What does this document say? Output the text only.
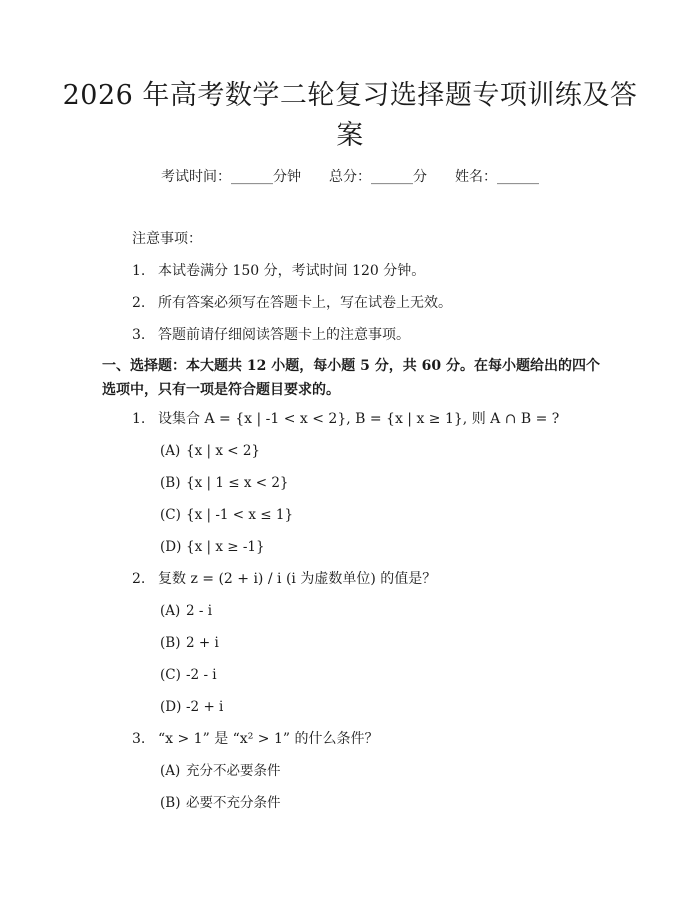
2026 年高考数学二轮复习选择题专项训练及答案
考试时间：______分钟 总分：______分 姓名：______
注意事项：
1. 本试卷满分 150 分，考试时间 120 分钟。
2. 所有答案必须写在答题卡上，写在试卷上无效。
3. 答题前请仔细阅读答题卡上的注意事项。
一、选择题：本大题共 12 小题，每小题 5 分，共 60 分。在每小题给出的四个选项中，只有一项是符合题目要求的。
1. 设集合 A = {x | -1 < x < 2}, B = {x | x ≥ 1}, 则 A ∩ B = ?
(A) {x | x < 2}
(B) {x | 1 ≤ x < 2}
(C) {x | -1 < x ≤ 1}
(D) {x | x ≥ -1}
2. 复数 z = (2 + i) / i (i 为虚数单位) 的值是？
(A) 2 - i
(B) 2 + i
(C) -2 - i
(D) -2 + i
3. “x > 1” 是 “x² > 1” 的什么条件？
(A) 充分不必要条件
(B) 必要不充分条件
